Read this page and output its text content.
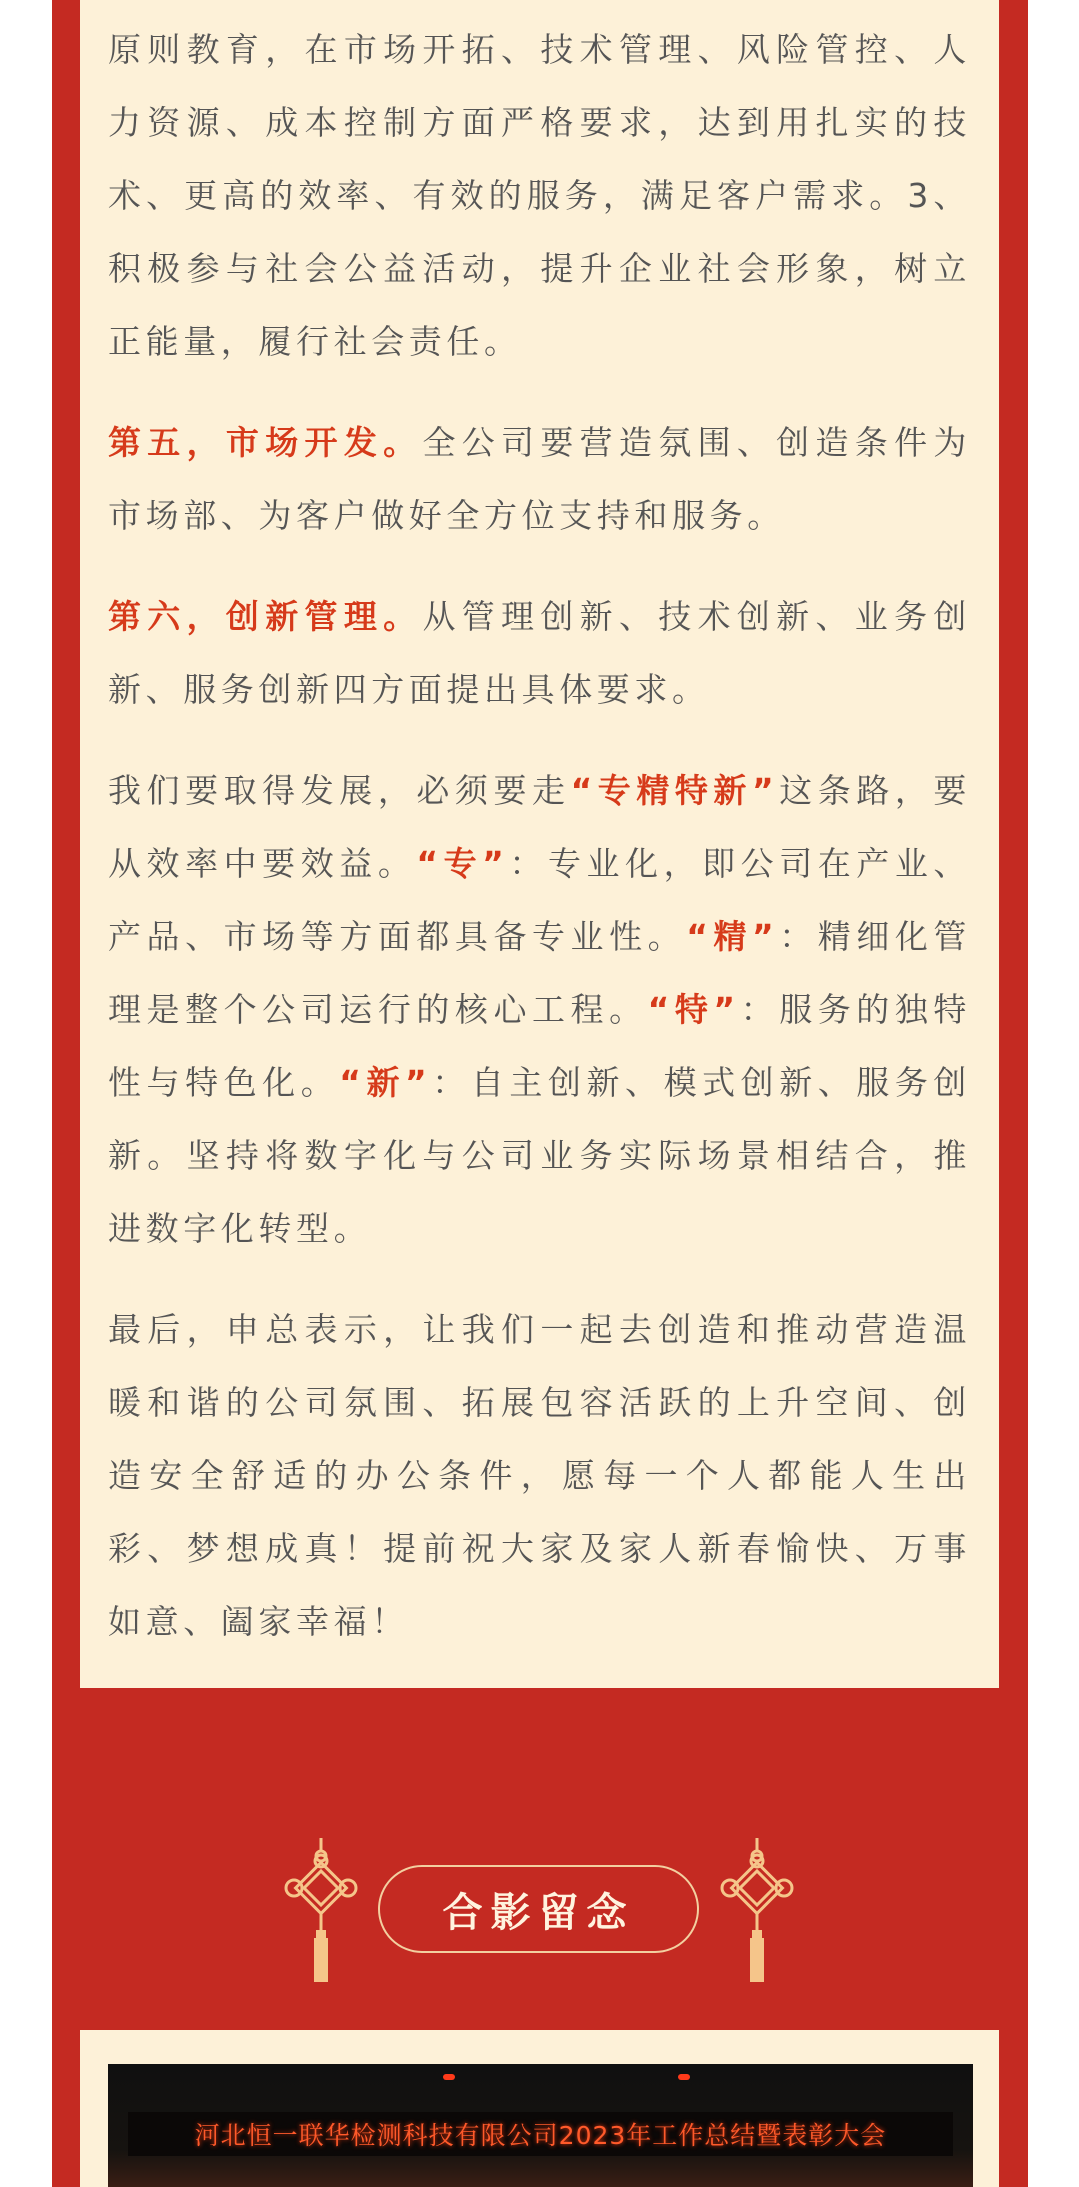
原则教育，在市场开拓、技术管理、风险管控、人力资源、成本控制方面严格要求，达到用扎实的技术、更高的效率、有效的服务，满足客户需求。3、积极参与社会公益活动，提升企业社会形象，树立正能量，履行社会责任。

第五，市场开发。全公司要营造氛围、创造条件为市场部、为客户做好全方位支持和服务。

第六，创新管理。从管理创新、技术创新、业务创新、服务创新四方面提出具体要求。

我们要取得发展，必须要走“专精特新”这条路，要从效率中要效益。“专”：专业化，即公司在产业、产品、市场等方面都具备专业性。“精”：精细化管理是整个公司运行的核心工程。“特”：服务的独特性与特色化。“新”：自主创新、模式创新、服务创新。坚持将数字化与公司业务实际场景相结合，推进数字化转型。

最后，申总表示，让我们一起去创造和推动营造温暖和谐的公司氛围、拓展包容活跃的上升空间、创造安全舒适的办公条件，愿每一个人都能人生出彩、梦想成真！提前祝大家及家人新春愉快、万事如意、阖家幸福！

合影留念
河北恒一联华检测科技有限公司2023年工作总结暨表彰大会
